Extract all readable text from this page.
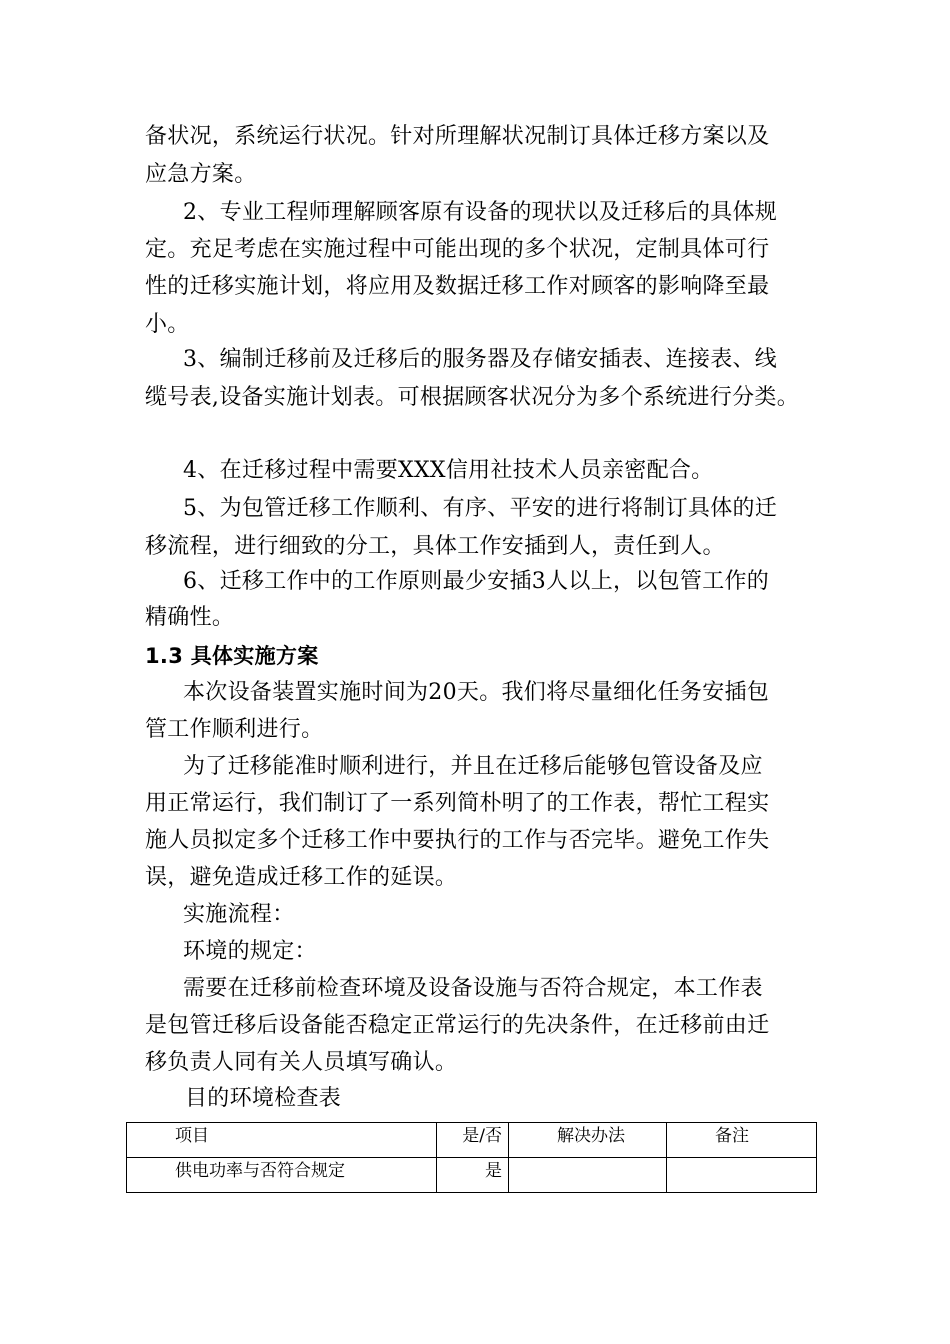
备状况，系统运行状况。针对所理解状况制订具体迁移方案以及
应急方案。
2、专业工程师理解顾客原有设备的现状以及迁移后的具体规
定。充足考虑在实施过程中可能出现的多个状况，定制具体可行
性的迁移实施计划，将应用及数据迁移工作对顾客的影响降至最
小。
3、编制迁移前及迁移后的服务器及存储安插表、连接表、线
缆号表,设备实施计划表。可根据顾客状况分为多个系统进行分类。
4、在迁移过程中需要XXX信用社技术人员亲密配合。
5、为包管迁移工作顺利、有序、平安的进行将制订具体的迁
移流程，进行细致的分工，具体工作安插到人，责任到人。
6、迁移工作中的工作原则最少安插3人以上，以包管工作的
精确性。
1.3 具体实施方案
本次设备装置实施时间为20天。我们将尽量细化任务安插包
管工作顺利进行。
为了迁移能准时顺利进行，并且在迁移后能够包管设备及应
用正常运行，我们制订了一系列简朴明了的工作表，帮忙工程实
施人员拟定多个迁移工作中要执行的工作与否完毕。避免工作失
误，避免造成迁移工作的延误。
实施流程：
环境的规定：
需要在迁移前检查环境及设备设施与否符合规定，本工作表
是包管迁移后设备能否稳定正常运行的先决条件，在迁移前由迁
移负责人同有关人员填写确认。
目的环境检查表
项目	是/否	解决办法	备注
供电功率与否符合规定	是		
